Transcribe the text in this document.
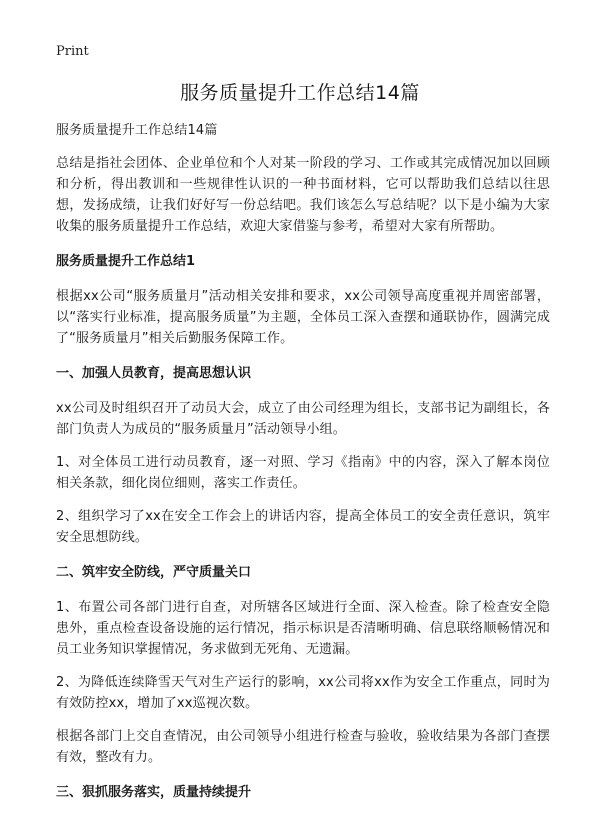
Print
服务质量提升工作总结14篇

服务质量提升工作总结14篇

总结是指社会团体、企业单位和个人对某一阶段的学习、工作或其完成情况加以回顾和分析，得出教训和一些规律性认识的一种书面材料，它可以帮助我们总结以往思想，发扬成绩，让我们好好写一份总结吧。我们该怎么写总结呢？以下是小编为大家收集的服务质量提升工作总结，欢迎大家借鉴与参考，希望对大家有所帮助。

服务质量提升工作总结1

根据xx公司“服务质量月”活动相关安排和要求，xx公司领导高度重视并周密部署，以“落实行业标准，提高服务质量”为主题，全体员工深入查摆和通联协作，圆满完成了“服务质量月”相关后勤服务保障工作。

一、加强人员教育，提高思想认识

xx公司及时组织召开了动员大会，成立了由公司经理为组长，支部书记为副组长，各部门负责人为成员的“服务质量月”活动领导小组。

1、对全体员工进行动员教育，逐一对照、学习《指南》中的内容，深入了解本岗位相关条款，细化岗位细则，落实工作责任。

2、组织学习了xx在安全工作会上的讲话内容，提高全体员工的安全责任意识，筑牢安全思想防线。

二、筑牢安全防线，严守质量关口

1、布置公司各部门进行自查，对所辖各区域进行全面、深入检查。除了检查安全隐患外，重点检查设备设施的运行情况，指示标识是否清晰明确、信息联络顺畅情况和员工业务知识掌握情况，务求做到无死角、无遗漏。

2、为降低连续降雪天气对生产运行的影响，xx公司将xx作为安全工作重点，同时为有效防控xx，增加了xx巡视次数。

根据各部门上交自查情况，由公司领导小组进行检查与验收，验收结果为各部门查摆有效，整改有力。

三、狠抓服务落实，质量持续提升
